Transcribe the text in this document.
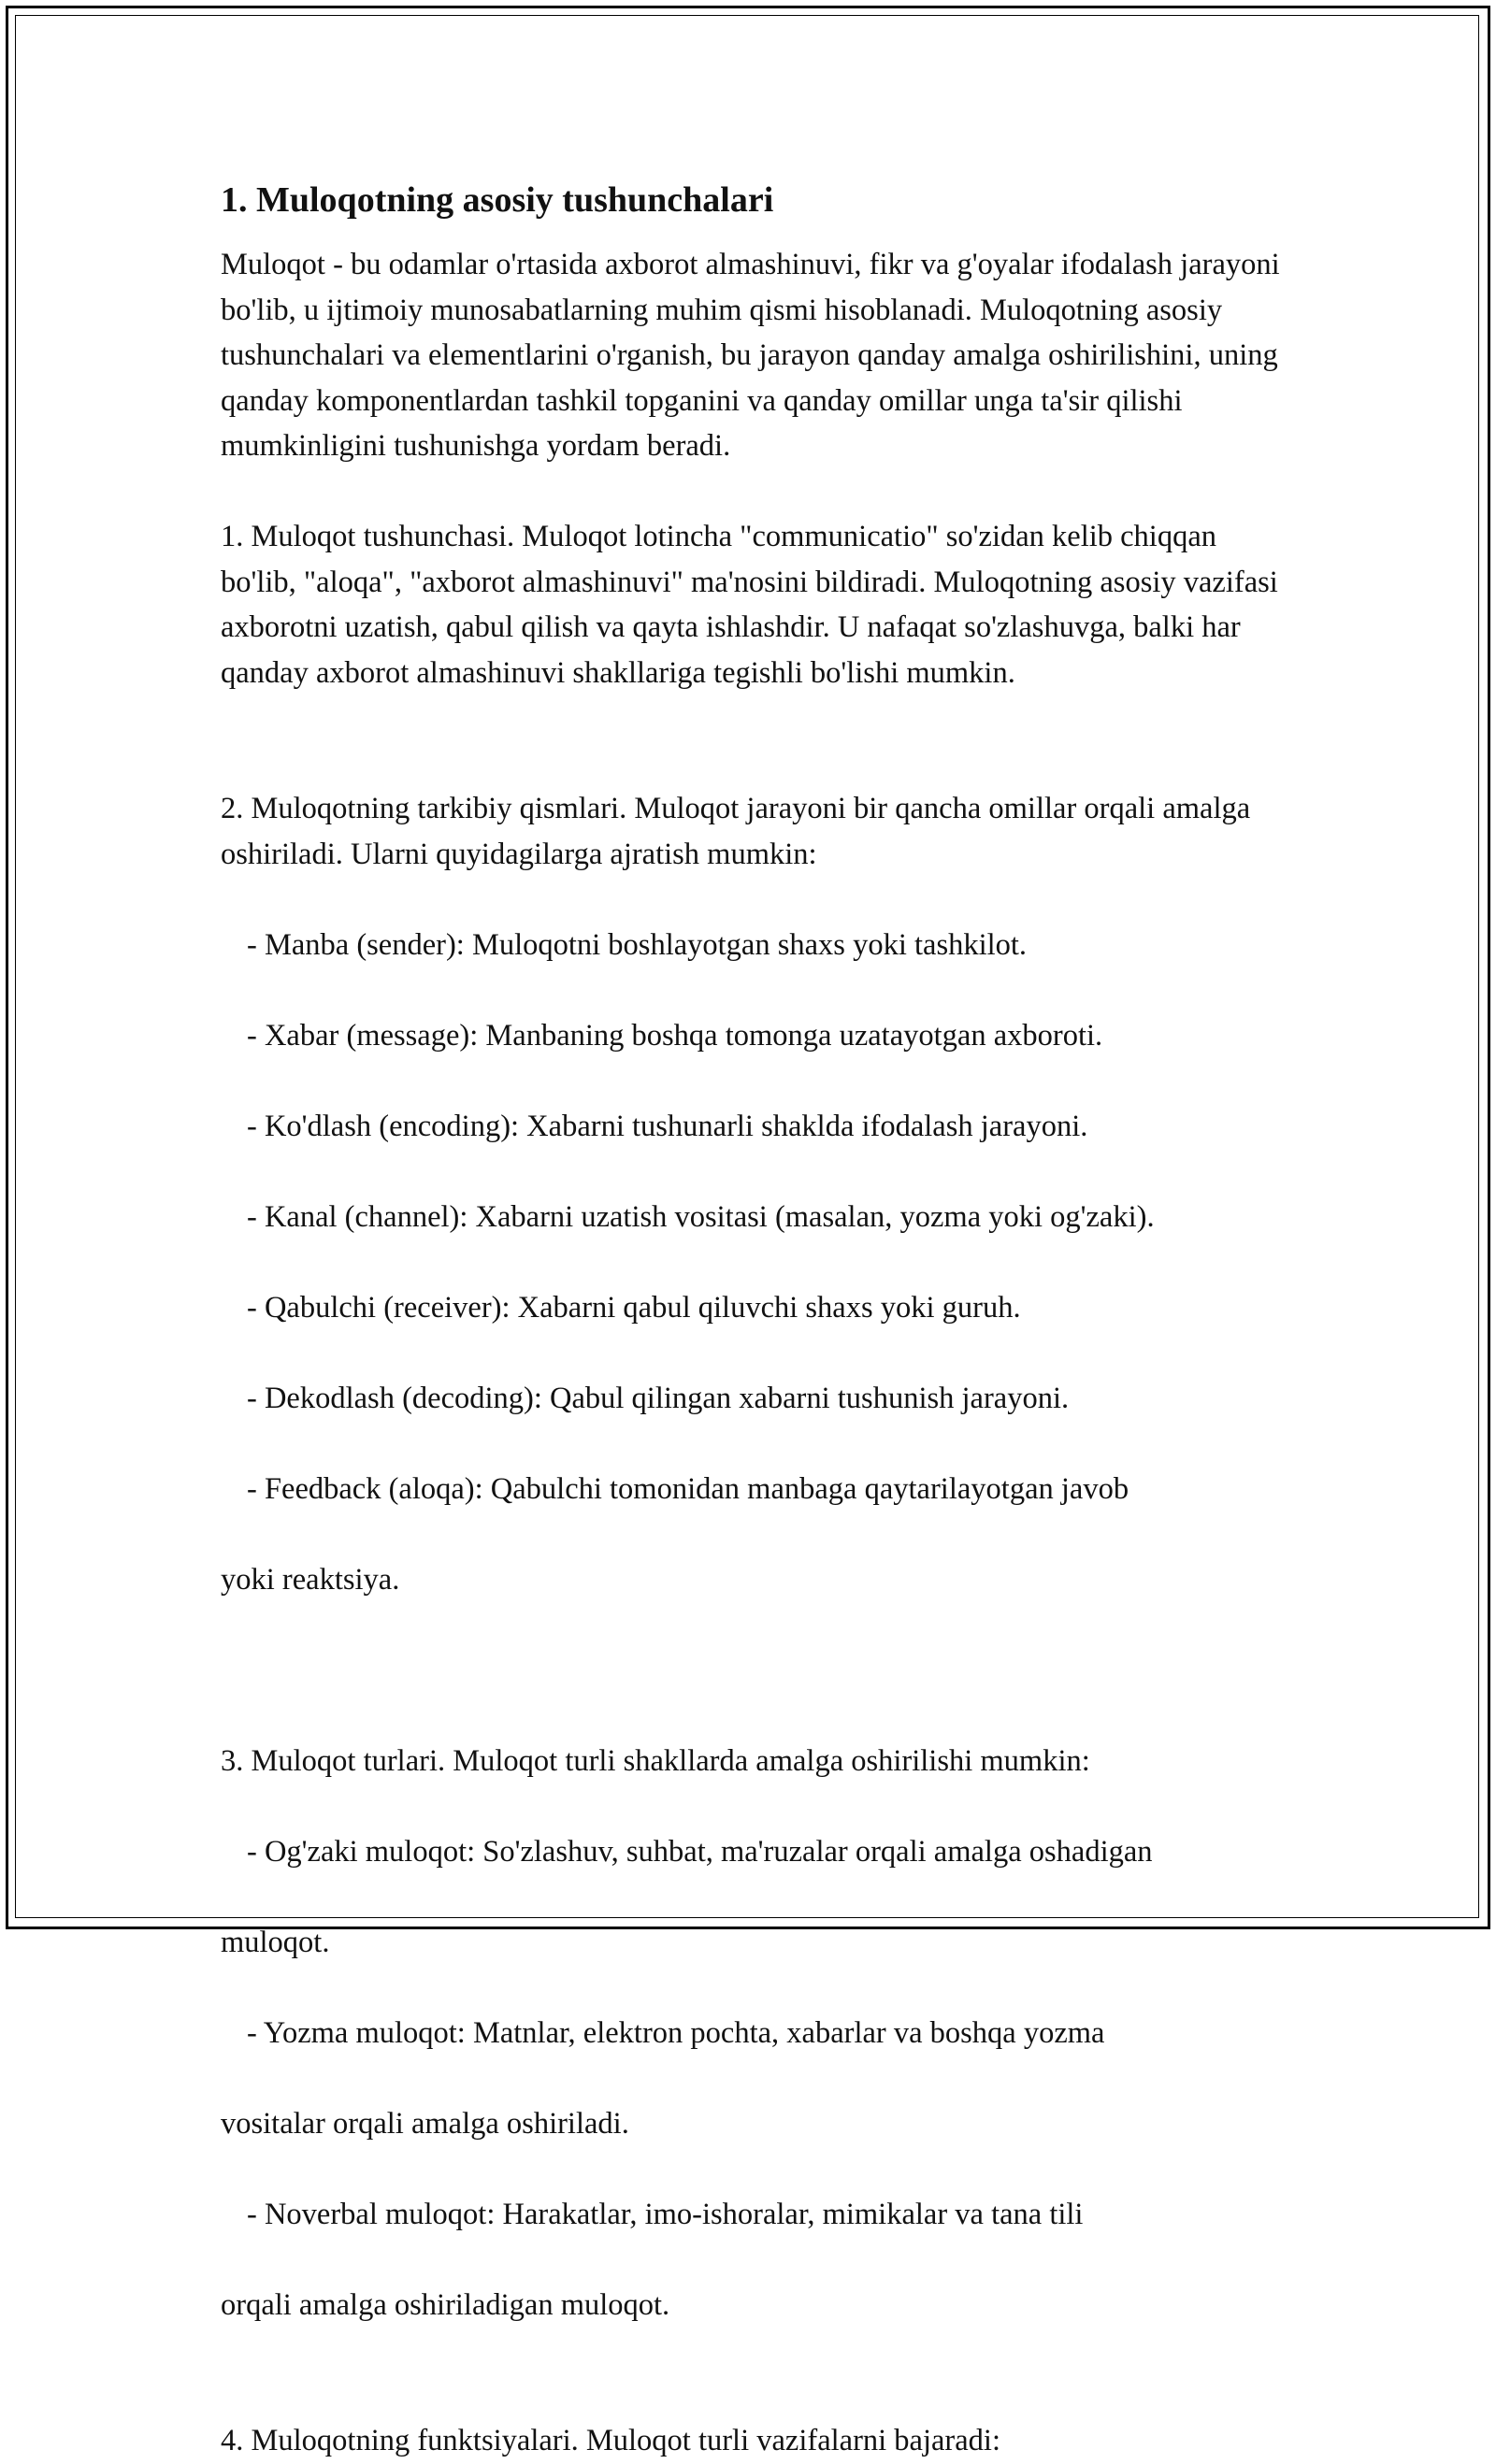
1. Muloqotning asosiy tushunchalari

Muloqot - bu odamlar o'rtasida axborot almashinuvi, fikr va g'oyalar ifodalash jarayoni bo'lib, u ijtimoiy munosabatlarning muhim qismi hisoblanadi. Muloqotning asosiy tushunchalari va elementlarini o'rganish, bu jarayon qanday amalga oshirilishini, uning qanday komponentlardan tashkil topganini va qanday omillar unga ta'sir qilishi mumkinligini tushunishga yordam beradi.

1. Muloqot tushunchasi. Muloqot lotincha "communicatio" so'zidan kelib chiqqan bo'lib, "aloqa", "axborot almashinuvi" ma'nosini bildiradi. Muloqotning asosiy vazifasi axborotni uzatish, qabul qilish va qayta ishlashdir. U nafaqat so'zlashuvga, balki har qanday axborot almashinuvi shakllariga tegishli bo'lishi mumkin.

2. Muloqotning tarkibiy qismlari. Muloqot jarayoni bir qancha omillar orqali amalga oshiriladi. Ularni quyidagilarga ajratish mumkin:

- Manba (sender): Muloqotni boshlayotgan shaxs yoki tashkilot.

- Xabar (message): Manbaning boshqa tomonga uzatayotgan axboroti.

- Ko'dlash (encoding): Xabarni tushunarli shaklda ifodalash jarayoni.

- Kanal (channel): Xabarni uzatish vositasi (masalan, yozma yoki og'zaki).

- Qabulchi (receiver): Xabarni qabul qiluvchi shaxs yoki guruh.

- Dekodlash (decoding): Qabul qilingan xabarni tushunish jarayoni.

- Feedback (aloqa): Qabulchi tomonidan manbaga qaytarilayotgan javob

yoki reaktsiya.

3. Muloqot turlari. Muloqot turli shakllarda amalga oshirilishi mumkin:

- Og'zaki muloqot: So'zlashuv, suhbat, ma'ruzalar orqali amalga oshadigan

muloqot.

- Yozma muloqot: Matnlar, elektron pochta, xabarlar va boshqa yozma

vositalar orqali amalga oshiriladi.

- Noverbal muloqot: Harakatlar, imo-ishoralar, mimikalar va tana tili

orqali amalga oshiriladigan muloqot.

4. Muloqotning funktsiyalari. Muloqot turli vazifalarni bajaradi:
